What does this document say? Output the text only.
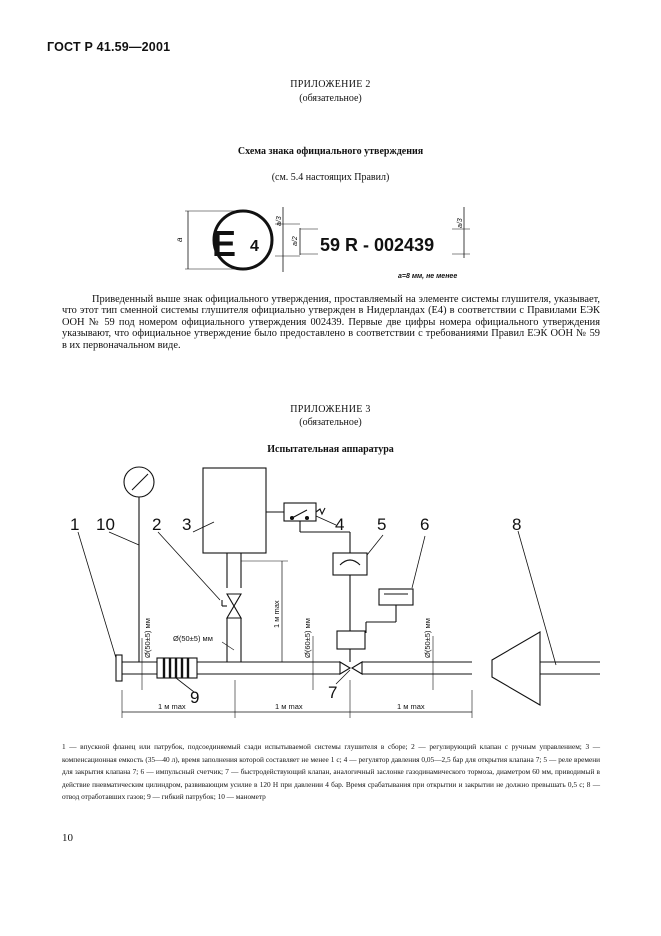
ГОСТ Р 41.59—2001
ПРИЛОЖЕНИЕ 2
(обязательное)
Схема знака официального утверждения
(см. 5.4 настоящих Правил)
E 4	59 R - 002439
a
a/3
a/2
a/3
a=8 мм, не менее
Приведенный выше знак официального утверждения, проставляемый на элементе системы глушителя, указывает, что этот тип сменной системы глушителя официально утвержден в Нидерландах (Е4) в соответствии с Правилами ЕЭК ООН № 59 под номером официального утверждения 002439. Первые две цифры номера официального утверждения указывают, что официальное утверждение было предоставлено в соответствии с требованиями Правил ЕЭК ООН № 59 в их первоначальном виде.
ПРИЛОЖЕНИЕ 3
(обязательное)
Испытательная аппаратура
1 10 2 3	4 5 6	8
7
9
Ø(50±5) мм	Ø(60±5) мм	Ø(50±5) мм
Ø(50±5) мм
1 м max
1 м max	1 м max	1 м max
1 — впускной фланец или патрубок, подсоединяемый сзади испытываемой системы глушителя в сборе; 2 — регулирующий клапан с ручным управлением; 3 — компенсационная емкость (35—40 л), время заполнения которой составляет не менее 1 с; 4 — регулятор давления 0,05—2,5 бар для открытия клапана 7; 5 — реле времени для закрытия клапана 7; 6 — импульсный счетчик; 7 — быстродействующий клапан, аналогичный заслонке газодинамического тормоза, диаметром 60 мм, приводимый в действие пневматическим цилиндром, развивающим усилие в 120 Н при давлении 4 бар. Время срабатывания при открытии и закрытии не должно превышать 0,5 с; 8 — отвод отработавших газов; 9 — гибкий патрубок; 10 — манометр
10
